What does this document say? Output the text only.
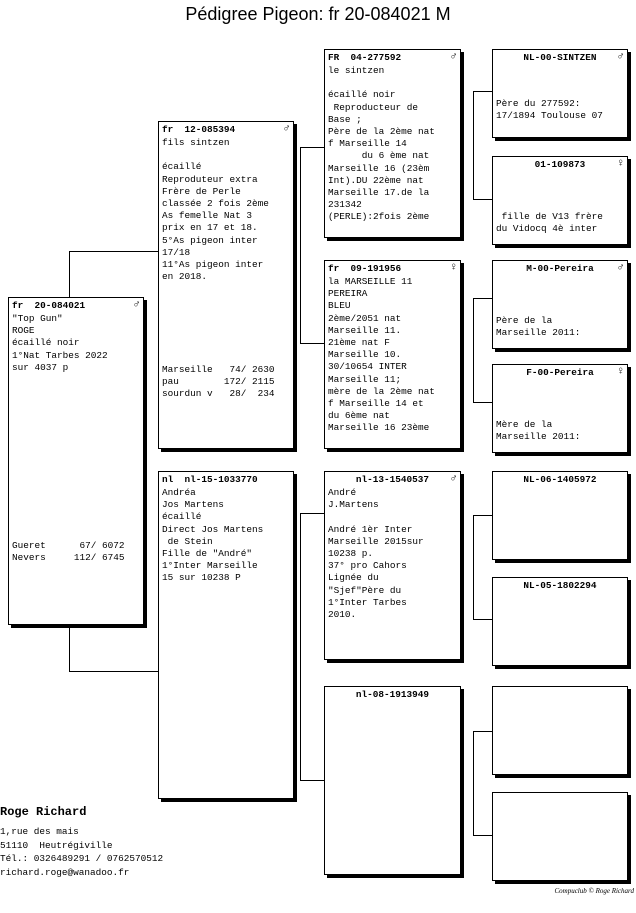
Pédigree Pigeon: fr 20-084021 M
fr  20-084021	♂
"Top Gun"
ROGE
écaillé noir
1°Nat Tarbes 2022
sur 4037 p
Gueret      67/ 6072
Nevers     112/ 6745
fr  12-085394	♂
fils sintzen

écaillé
Reproduteur extra
Frère de Perle
classée 2 fois 2ème
As femelle Nat 3
prix en 17 et 18.
5°As pigeon inter
17/18
11°As pigeon inter
en 2018.
Marseille   74/ 2630
pau        172/ 2115
sourdun v   28/  234
nl  nl-15-1033770
Andréa
Jos Martens
écaillé
Direct Jos Martens
de Stein
Fille de "André"
1°Inter Marseille
15 sur 10238 P
FR  04-277592	♂
le sintzen

écaillé noir
Reproducteur de
Base ;
Père de la 2ème nat
f Marseille 14
du 6 ème nat
Marseille 16 (23èm
Int).DU 22ème nat
Marseille 17.de la
231342
(PERLE):2fois 2ème
fr  09-191956	♀
la MARSEILLE 11
PEREIRA
BLEU
2ème/2051 nat
Marseille 11.
21ème nat F
Marseille 10.
30/10654 INTER
Marseille 11;
mère de la 2ème nat
f Marseille 14 et
du 6ème nat
Marseille 16 23ème
nl-13-1540537 ♂
André
J.Martens

André 1èr Inter
Marseille 2015sur
10238 p.
37° pro Cahors
Lignée du
"Sjef"Père du
1°Inter Tarbes
2010.
nl-08-1913949
NL-00-SINTZEN ♂
Père du 277592:
17/1894 Toulouse 07
01-109873	♀
fille de V13 frère
du Vidocq 4è inter
M-00-Pereira ♂
Père de la
Marseille 2011:
F-00-Pereira ♀
Mère de la
Marseille 2011:
NL-06-1405972
NL-05-1802294
Roge Richard
1,rue des mais
51110  Heutrégiville
Tél.: 0326489291 / 0762570512
richard.roge@wanadoo.fr
Compuclub © Roge Richard
